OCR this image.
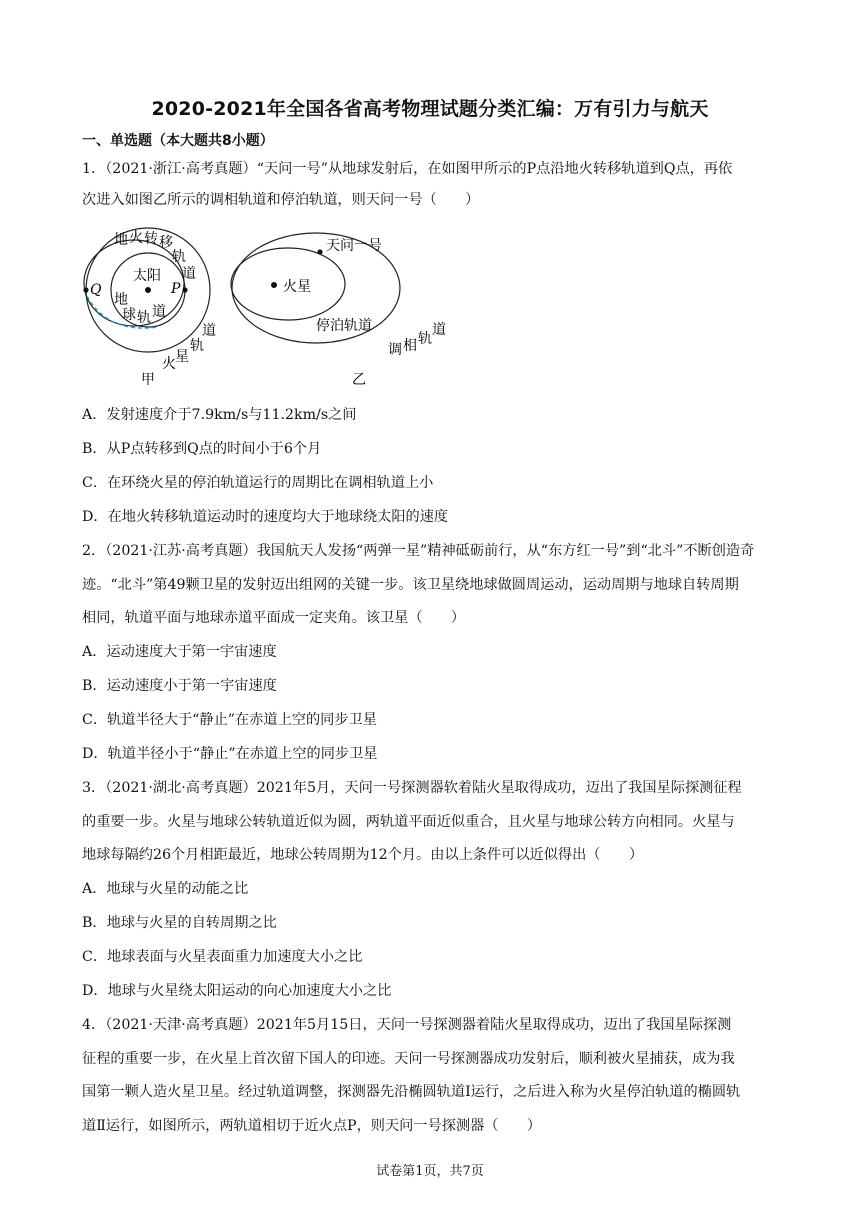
2020-2021年全国各省高考物理试题分类汇编：万有引力与航天
一、单选题（本大题共8小题）
1．（2021·浙江·高考真题）“天问一号”从地球发射后，在如图甲所示的P点沿地火转移轨道到Q点，再依
次进入如图乙所示的调相轨道和停泊轨道，则天问一号（　　）
地 火 转 移
轨
道
太阳
Q	P
地
球 轨 道
道
轨
星
火
甲
天问一号
火星
停泊轨道
调 相 轨
道
乙
A．发射速度介于7.9km/s与11.2km/s之间
B．从P点转移到Q点的时间小于6个月
C．在环绕火星的停泊轨道运行的周期比在调相轨道上小
D．在地火转移轨道运动时的速度均大于地球绕太阳的速度
2．（2021·江苏·高考真题）我国航天人发扬“两弹一星”精神砥砺前行，从“东方红一号”到“北斗”不断创造奇
迹。“北斗”第49颗卫星的发射迈出组网的关键一步。该卫星绕地球做圆周运动，运动周期与地球自转周期
相同，轨道平面与地球赤道平面成一定夹角。该卫星（　　）
A．运动速度大于第一宇宙速度
B．运动速度小于第一宇宙速度
C．轨道半径大于“静止”在赤道上空的同步卫星
D．轨道半径小于“静止”在赤道上空的同步卫星
3．（2021·湖北·高考真题）2021年5月，天问一号探测器软着陆火星取得成功，迈出了我国星际探测征程
的重要一步。火星与地球公转轨道近似为圆，两轨道平面近似重合，且火星与地球公转方向相同。火星与
地球每隔约26个月相距最近，地球公转周期为12个月。由以上条件可以近似得出（　　）
A．地球与火星的动能之比
B．地球与火星的自转周期之比
C．地球表面与火星表面重力加速度大小之比
D．地球与火星绕太阳运动的向心加速度大小之比
4．（2021·天津·高考真题）2021年5月15日，天问一号探测器着陆火星取得成功，迈出了我国星际探测
征程的重要一步，在火星上首次留下国人的印迹。天问一号探测器成功发射后，顺利被火星捕获，成为我
国第一颗人造火星卫星。经过轨道调整，探测器先沿椭圆轨道Ⅰ运行，之后进入称为火星停泊轨道的椭圆轨
道Ⅱ运行，如图所示，两轨道相切于近火点P，则天问一号探测器（　　）
试卷第1页，共7页
